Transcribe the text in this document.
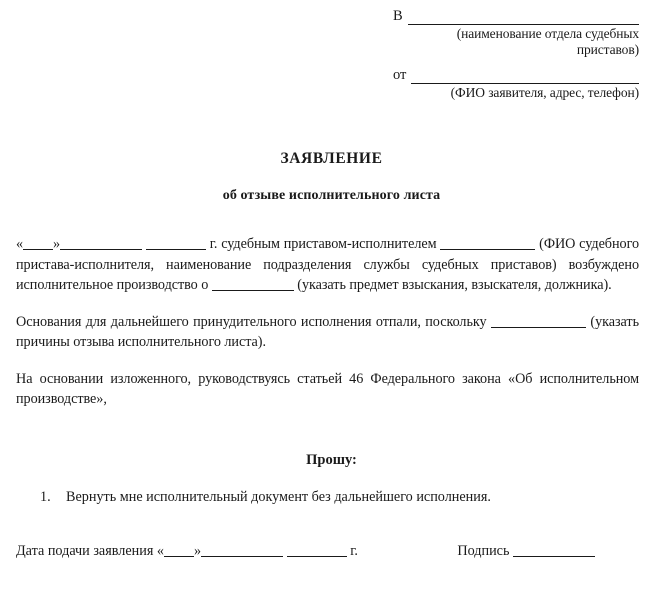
В
(наименование отдела судебных приставов)
от
(ФИО заявителя, адрес, телефон)
ЗАЯВЛЕНИЕ
об отзыве исполнительного листа

« »	г. судебным приставом-исполнителем	(ФИО судебного пристава-исполнителя, наименование подразделения службы судебных приставов) возбуждено исполнительное производство о	(указать предмет взыскания, взыскателя, должника).

Основания для дальнейшего принудительного исполнения отпали, поскольку	(указать причины отзыва исполнительного листа).

На основании изложенного, руководствуясь статьей 46 Федерального закона «Об исполнительном производстве»,

Прошу:
1.	Вернуть мне исполнительный документ без дальнейшего исполнения.
Дата подачи заявления « »	г.	Подпись
